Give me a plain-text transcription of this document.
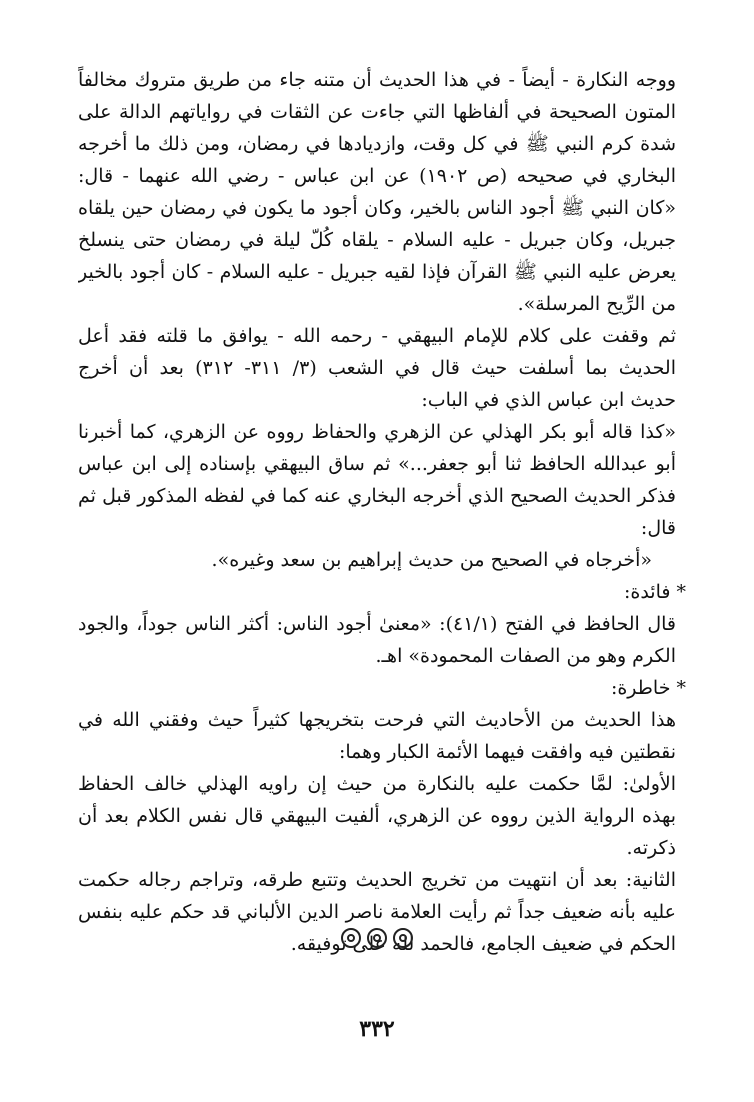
ووجه النكارة - أيضاً - في هذا الحديث أن متنه جاء من طريق متروك مخالفاً
المتون الصحيحة في ألفاظها التي جاءت عن الثقات في رواياتهم الدالة على
شدة كرم النبي ﷺ في كل وقت، وازديادها في رمضان، ومن ذلك ما أخرجه
البخاري في صحيحه (ص ١٩٠٢) عن ابن عباس - رضي الله عنهما - قال:
«كان النبي ﷺ أجود الناس بالخير، وكان أجود ما يكون في رمضان حين يلقاه
جبريل، وكان جبريل - عليه السلام - يلقاه كُلّ ليلة في رمضان حتى ينسلخ
يعرض عليه النبي ﷺ القرآن فإذا لقيه جبريل - عليه السلام - كان أجود بالخير
من الرِّيح المرسلة».
ثم وقفت على كلام للإمام البيهقي - رحمه الله - يوافق ما قلته فقد أعل
الحديث بما أسلفت حيث قال في الشعب (٣/ ٣١١- ٣١٢) بعد أن أخرج
حديث ابن عباس الذي في الباب:
«كذا قاله أبو بكر الهذلي عن الزهري والحفاظ رووه عن الزهري، كما أخبرنا
أبو عبدالله الحافظ ثنا أبو جعفر...» ثم ساق البيهقي بإسناده إلى ابن عباس
فذكر الحديث الصحيح الذي أخرجه البخاري عنه كما في لفظه المذكور قبل ثم
قال:
«أخرجاه في الصحيح من حديث إبراهيم بن سعد وغيره».
* فائدة:
قال الحافظ في الفتح (٤١/١): «معنىٰ أجود الناس: أكثر الناس جوداً، والجود
الكرم وهو من الصفات المحمودة» اهـ.
* خاطرة:
هذا الحديث من الأحاديث التي فرحت بتخريجها كثيراً حيث وفقني الله في
نقطتين فيه وافقت فيهما الأئمة الكبار وهما:
الأولىٰ: لمَّا حكمت عليه بالنكارة من حيث إن راويه الهذلي خالف الحفاظ
بهذه الرواية الذين رووه عن الزهري، ألفيت البيهقي قال نفس الكلام بعد أن
ذكرته.
الثانية: بعد أن انتهيت من تخريج الحديث وتتبع طرقه، وتراجم رجاله حكمت
عليه بأنه ضعيف جداً ثم رأيت العلامة ناصر الدين الألباني قد حكم عليه بنفس
الحكم في ضعيف الجامع، فالحمد لله على توفيقه.
٣٣٢
